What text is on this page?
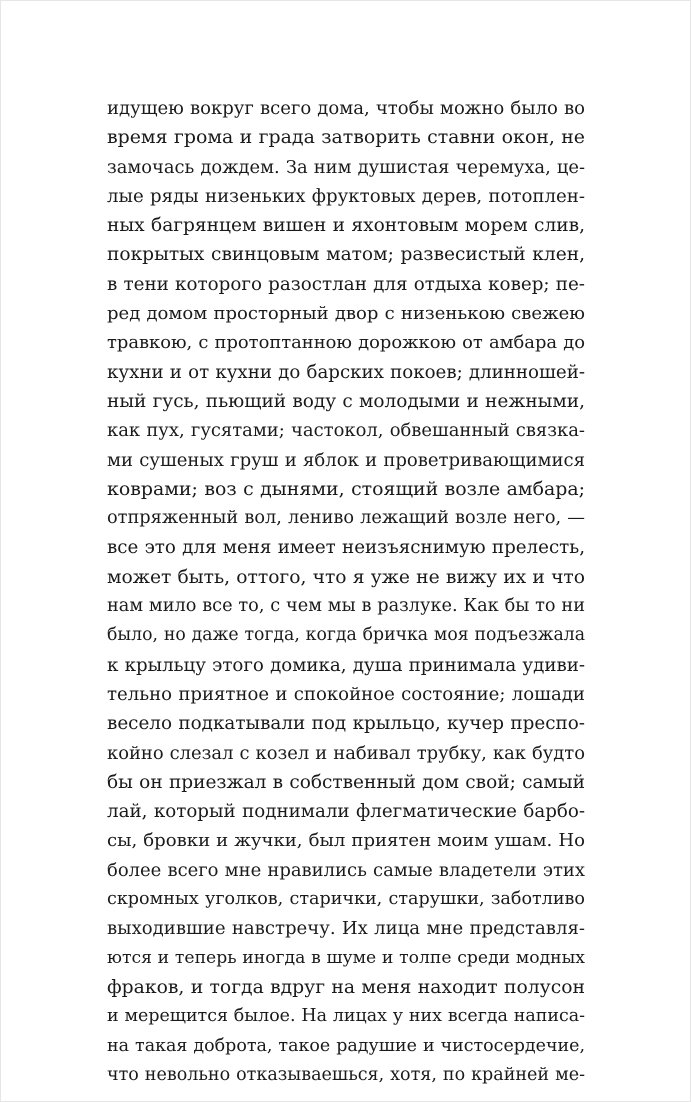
идущею вокруг всего дома, чтобы можно было во
время грома и града затворить ставни окон, не
замочась дождем. За ним душистая черемуха, це-
лые ряды низеньких фруктовых дерев, потоплен-
ных багрянцем вишен и яхонтовым морем слив,
покрытых свинцовым матом; развесистый клен,
в тени которого разостлан для отдыха ковер; пе-
ред домом просторный двор с низенькою свежею
травкою, с протоптанною дорожкою от амбара до
кухни и от кухни до барских покоев; длинношей-
ный гусь, пьющий воду с молодыми и нежными,
как пух, гусятами; частокол, обвешанный связка-
ми сушеных груш и яблок и проветривающимися
коврами; воз с дынями, стоящий возле амбара;
отпряженный вол, лениво лежащий возле него, —
все это для меня имеет неизъяснимую прелесть,
может быть, оттого, что я уже не вижу их и что
нам мило все то, с чем мы в разлуке. Как бы то ни
было, но даже тогда, когда бричка моя подъезжала
к крыльцу этого домика, душа принимала удиви-
тельно приятное и спокойное состояние; лошади
весело подкатывали под крыльцо, кучер преспо-
койно слезал с козел и набивал трубку, как будто
бы он приезжал в собственный дом свой; самый
лай, который поднимали флегматические барбо-
сы, бровки и жучки, был приятен моим ушам. Но
более всего мне нравились самые владетели этих
скромных уголков, старички, старушки, заботливо
выходившие навстречу. Их лица мне представля-
ются и теперь иногда в шуме и толпе среди модных
фраков, и тогда вдруг на меня находит полусон
и мерещится былое. На лицах у них всегда написа-
на такая доброта, такое радушие и чистосердечие,
что невольно отказываешься, хотя, по крайней ме-
